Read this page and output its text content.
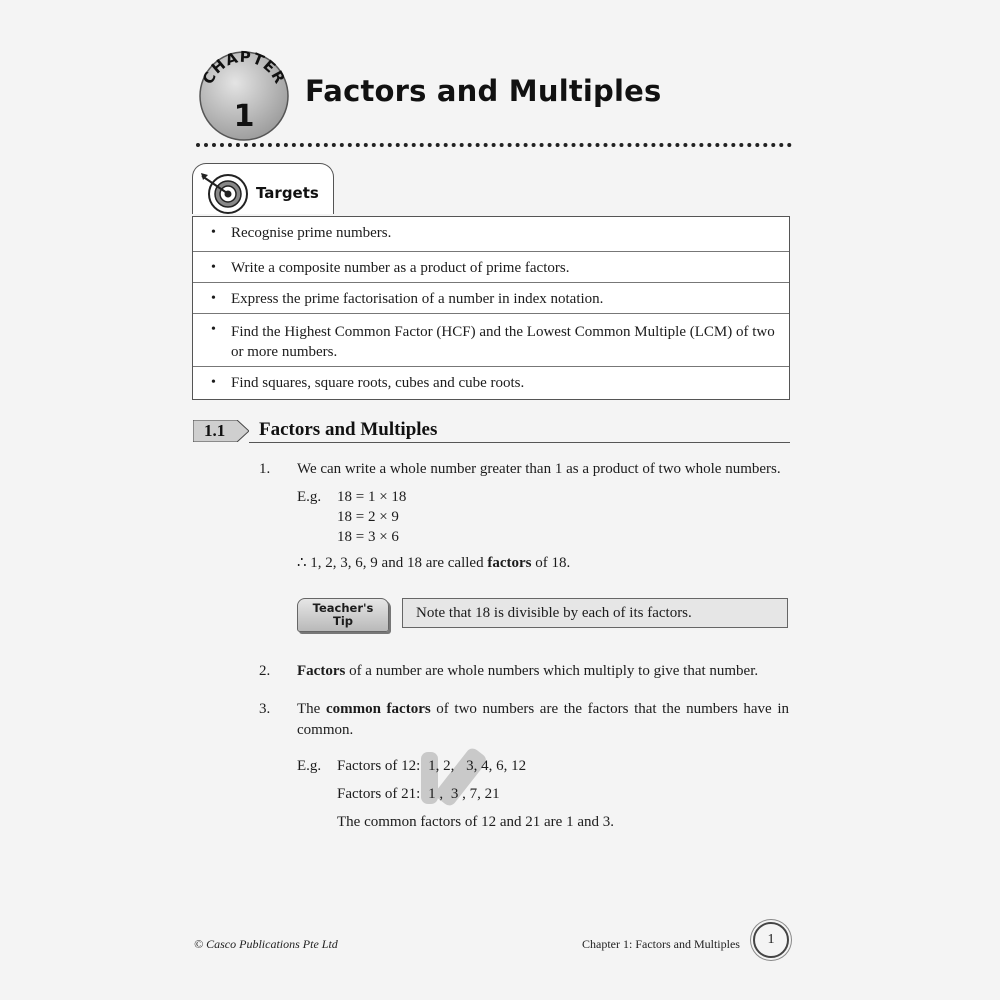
CHAPTER
1
Factors and Multiples
Targets
• Recognise prime numbers.
• Write a composite number as a product of prime factors.
• Express the prime factorisation of a number in index notation.
• Find the Highest Common Factor (HCF) and the Lowest Common Multiple (LCM) of two or more numbers.
• Find squares, square roots, cubes and cube roots.
1.1 Factors and Multiples
1. We can write a whole number greater than 1 as a product of two whole numbers.
E.g. 18 = 1 × 18
18 = 2 × 9
18 = 3 × 6
∴ 1, 2, 3, 6, 9 and 18 are called factors of 18.
Teacher's
Tip	Note that 18 is divisible by each of its factors.
2. Factors of a number are whole numbers which multiply to give that number.
3. The common factors of two numbers are the factors that the numbers have in common.
E.g. Factors of 12: 1, 2, 3, 4, 6, 12
Factors of 21: 1 , 3 , 7, 21
The common factors of 12 and 21 are 1 and 3.
© Casco Publications Pte Ltd	Chapter 1: Factors and Multiples	1
